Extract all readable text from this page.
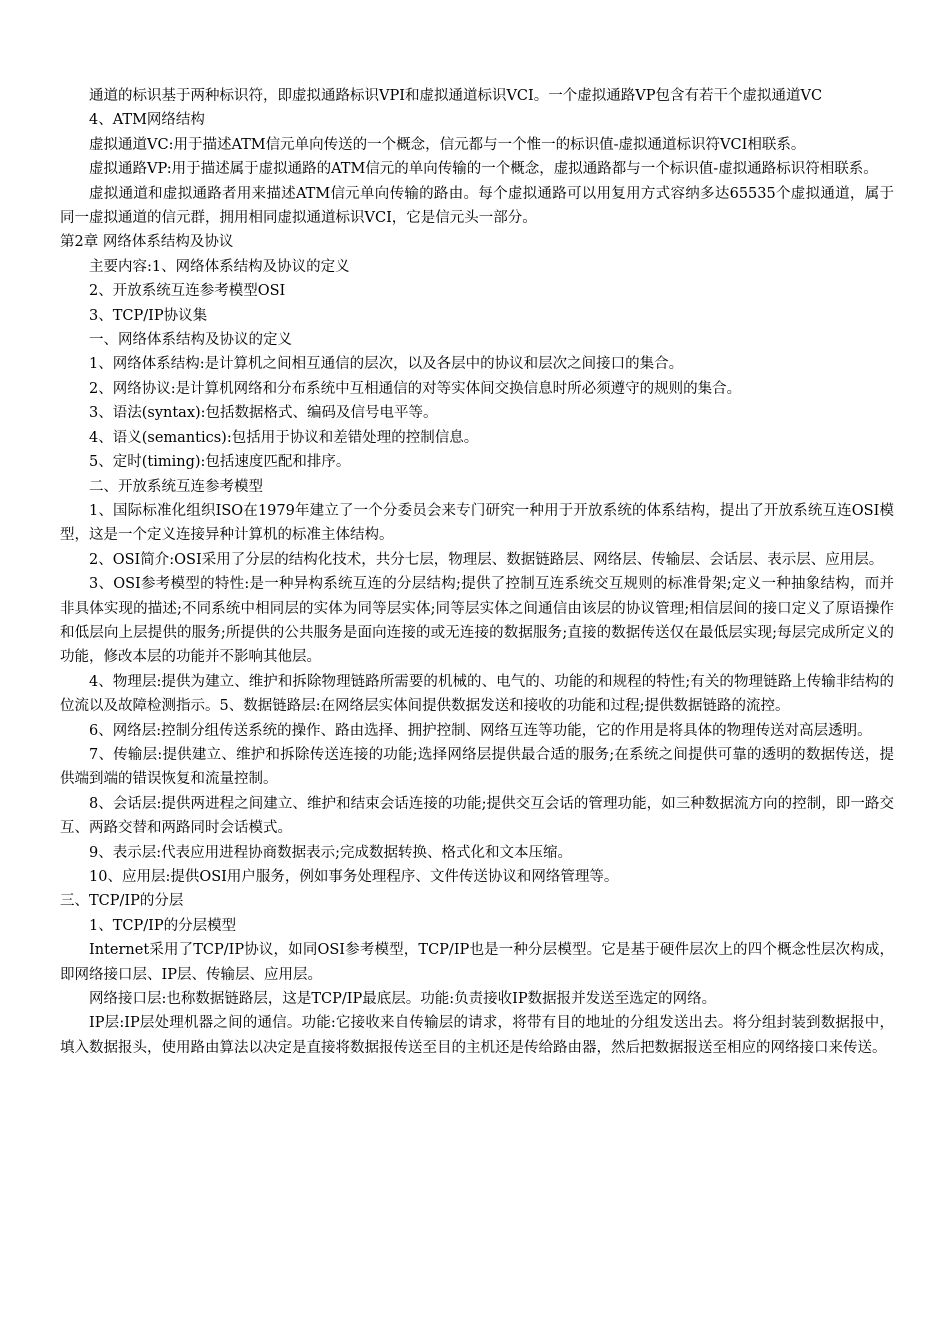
通道的标识基于两种标识符，即虚拟通路标识VPI和虚拟通道标识VCI。一个虚拟通路VP包含有若干个虚拟通道VC

4、ATM网络结构

虚拟通道VC:用于描述ATM信元单向传送的一个概念，信元都与一个惟一的标识值-虚拟通道标识符VCI相联系。

虚拟通路VP:用于描述属于虚拟通路的ATM信元的单向传输的一个概念，虚拟通路都与一个标识值-虚拟通路标识符相联系。

虚拟通道和虚拟通路者用来描述ATM信元单向传输的路由。每个虚拟通路可以用复用方式容纳多达65535个虚拟通道，属于同一虚拟通道的信元群，拥用相同虚拟通道标识VCI，它是信元头一部分。

第2章 网络体系结构及协议

主要内容:1、网络体系结构及协议的定义

2、开放系统互连参考模型OSI

3、TCP/IP协议集

一、网络体系结构及协议的定义

1、网络体系结构:是计算机之间相互通信的层次，以及各层中的协议和层次之间接口的集合。

2、网络协议:是计算机网络和分布系统中互相通信的对等实体间交换信息时所必须遵守的规则的集合。

3、语法(syntax):包括数据格式、编码及信号电平等。

4、语义(semantics):包括用于协议和差错处理的控制信息。

5、定时(timing):包括速度匹配和排序。

二、开放系统互连参考模型

1、国际标准化组织ISO在1979年建立了一个分委员会来专门研究一种用于开放系统的体系结构，提出了开放系统互连OSI模型，这是一个定义连接异种计算机的标准主体结构。

2、OSI简介:OSI采用了分层的结构化技术，共分七层，物理层、数据链路层、网络层、传输层、会话层、表示层、应用层。

3、OSI参考模型的特性:是一种异构系统互连的分层结构;提供了控制互连系统交互规则的标准骨架;定义一种抽象结构，而并非具体实现的描述;不同系统中相同层的实体为同等层实体;同等层实体之间通信由该层的协议管理;相信层间的接口定义了原语操作和低层向上层提供的服务;所提供的公共服务是面向连接的或无连接的数据服务;直接的数据传送仅在最低层实现;每层完成所定义的功能，修改本层的功能并不影响其他层。

4、物理层:提供为建立、维护和拆除物理链路所需要的机械的、电气的、功能的和规程的特性;有关的物理链路上传输非结构的位流以及故障检测指示。5、数据链路层:在网络层实体间提供数据发送和接收的功能和过程;提供数据链路的流控。

6、网络层:控制分组传送系统的操作、路由选择、拥护控制、网络互连等功能，它的作用是将具体的物理传送对高层透明。

7、传输层:提供建立、维护和拆除传送连接的功能;选择网络层提供最合适的服务;在系统之间提供可靠的透明的数据传送，提供端到端的错误恢复和流量控制。

8、会话层:提供两进程之间建立、维护和结束会话连接的功能;提供交互会话的管理功能，如三种数据流方向的控制，即一路交互、两路交替和两路同时会话模式。

9、表示层:代表应用进程协商数据表示;完成数据转换、格式化和文本压缩。

10、应用层:提供OSI用户服务，例如事务处理程序、文件传送协议和网络管理等。

三、TCP/IP的分层

1、TCP/IP的分层模型

Internet采用了TCP/IP协议，如同OSI参考模型，TCP/IP也是一种分层模型。它是基于硬件层次上的四个概念性层次构成，即网络接口层、IP层、传输层、应用层。

网络接口层:也称数据链路层，这是TCP/IP最底层。功能:负责接收IP数据报并发送至选定的网络。

IP层:IP层处理机器之间的通信。功能:它接收来自传输层的请求，将带有目的地址的分组发送出去。将分组封装到数据报中，填入数据报头，使用路由算法以决定是直接将数据报传送至目的主机还是传给路由器，然后把数据报送至相应的网络接口来传送。
